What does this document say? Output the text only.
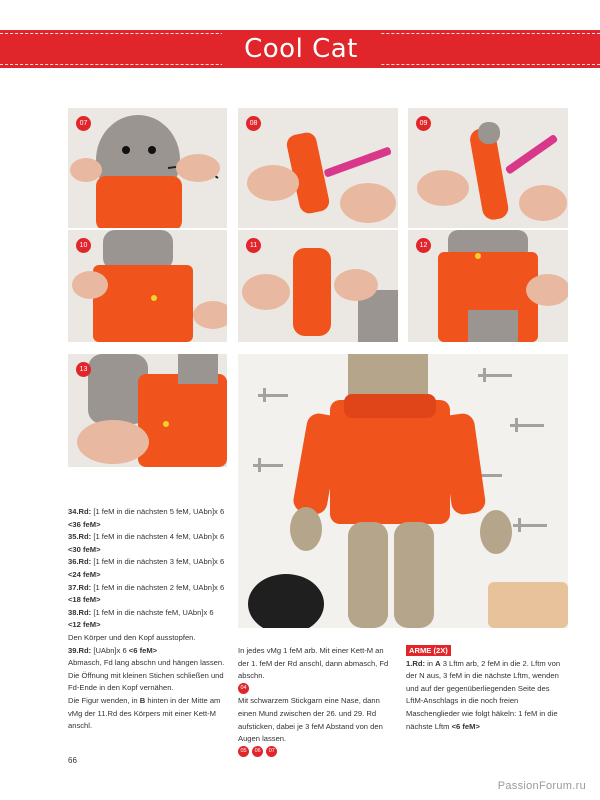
Cool Cat
07	08	09
10	11	12
13

34.Rd: [1 feM in die nächsten 5 feM, UAbn]x 6

<36 feM>

35.Rd: [1 feM in die nächsten 4 feM, UAbn]x 6

<30 feM>

36.Rd: [1 feM in die nächsten 3 feM, UAbn]x 6

<24 feM>

37.Rd: [1 feM in die nächsten 2 feM, UAbn]x 6

<18 feM>

38.Rd: [1 feM in die nächste feM, UAbn]x 6

<12 feM>

Den Körper und den Kopf ausstopfen.

39.Rd: [UAbn]x 6 <6 feM>

Abmasch, Fd lang abschn und hängen lassen. Die Öffnung mit kleinen Stichen schließen und Fd-Ende in den Kopf vernähen.

Die Figur wenden, in B hinten in der Mitte am vMg der 11.Rd des Körpers mit einer Kett-M anschl.

In jedes vMg 1 feM arb. Mit einer Kett-M an der 1. feM der Rd anschl, dann abmasch, Fd abschn.

04

Mit schwarzem Stickgarn eine Nase, dann einen Mund zwischen der 26. und 29. Rd aufsticken, dabei je 3 feM Abstand von den Augen lassen.

05 06 07

ARME (2X)

1.Rd: in A 3 Lftm arb, 2 feM in die 2. Lftm von der N aus, 3 feM in die nächste Lftm, wenden und auf der gegenüberliegenden Seite des LftM-Anschlags in die noch freien Maschenglieder wie folgt häkeln: 1 feM in die nächste Lftm <6 feM>

66
PassionForum.ru
